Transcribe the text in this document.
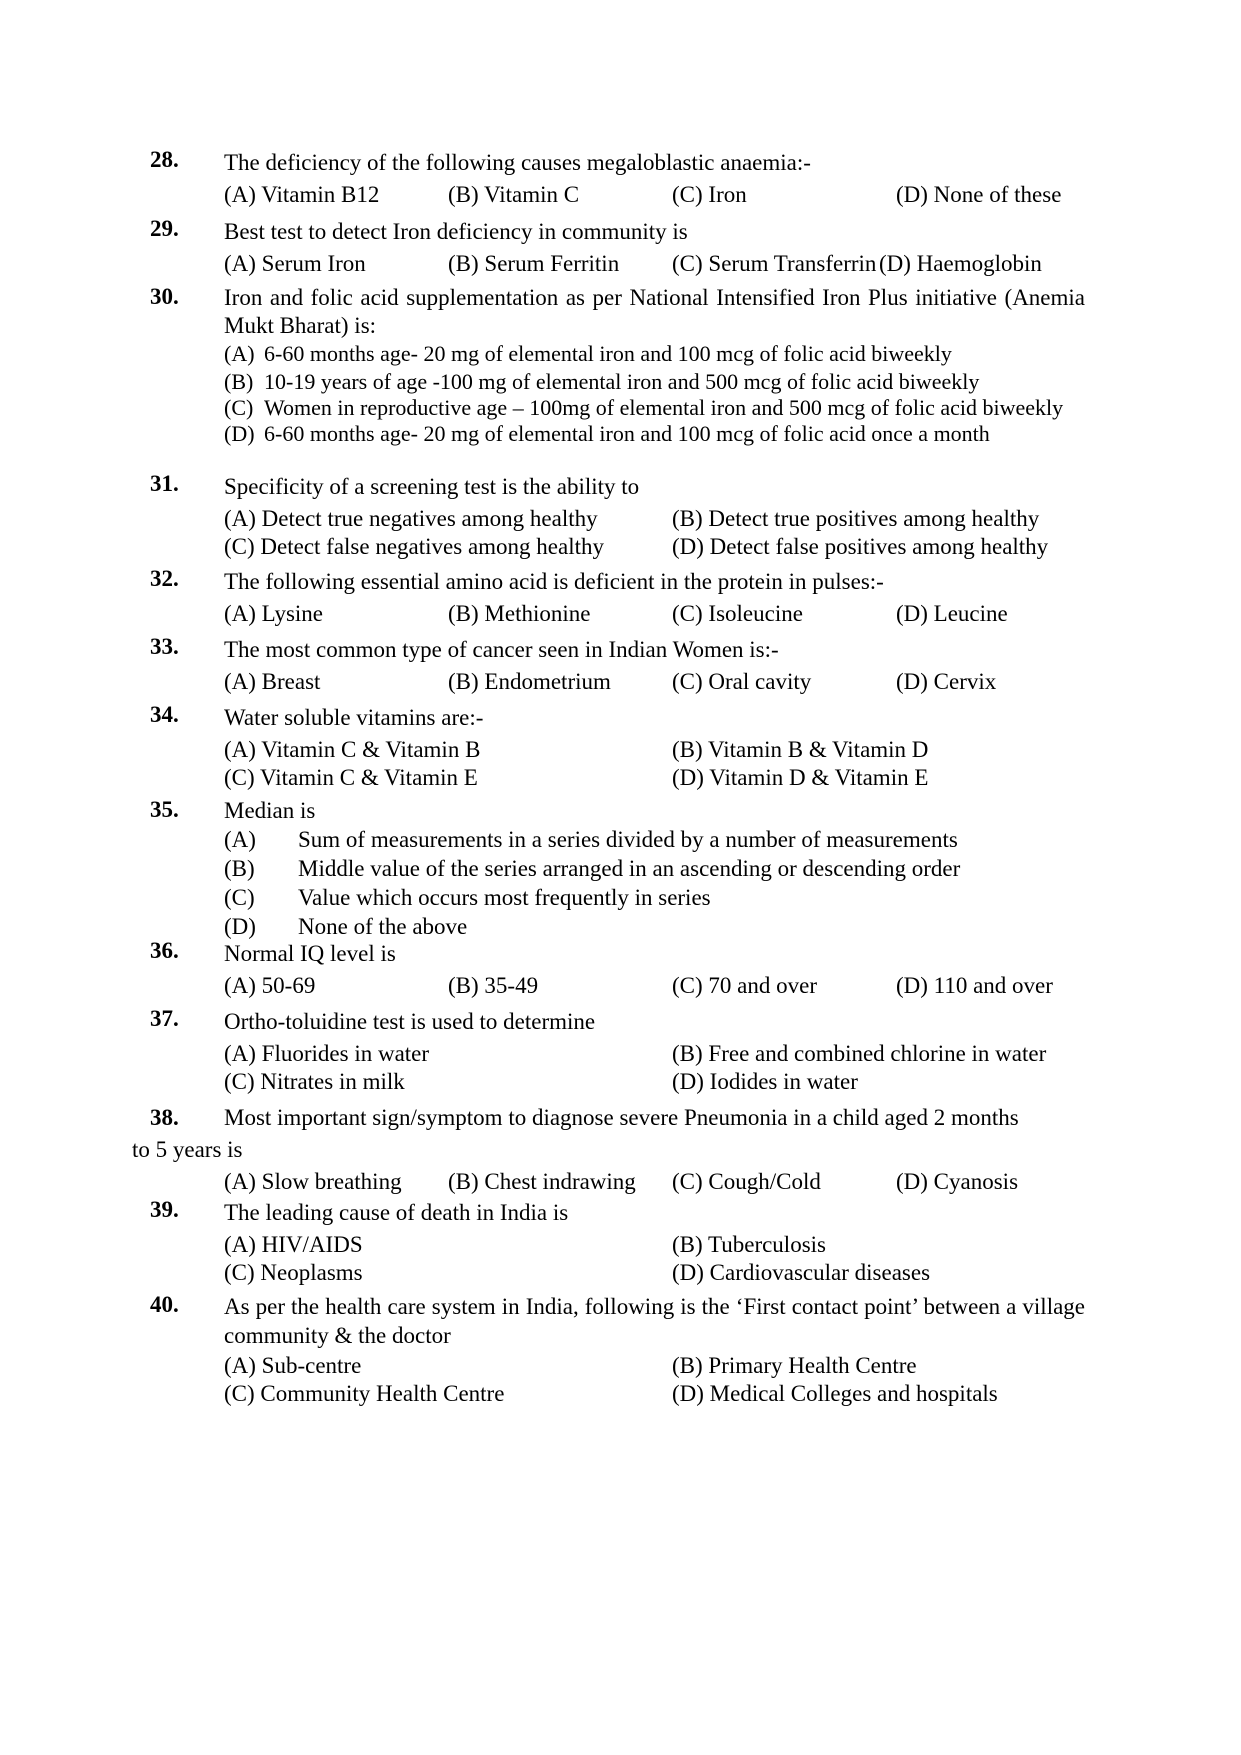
28. The deficiency of the following causes megaloblastic anaemia:-
(A) Vitamin B12	(B) Vitamin C	(C) Iron	(D) None of these
29. Best test to detect Iron deficiency in community is
(A) Serum Iron	(B) Serum Ferritin (C) Serum Transferrin (D) Haemoglobin
30. Iron and folic acid supplementation as per National Intensified Iron Plus initiative (Anemia Mukt Bharat) is:
(A) 6-60 months age- 20 mg of elemental iron and 100 mcg of folic acid biweekly
(B) 10-19 years of age -100 mg of elemental iron and 500 mcg of folic acid biweekly
(C) Women in reproductive age – 100mg of elemental iron and 500 mcg of folic acid biweekly
(D) 6-60 months age- 20 mg of elemental iron and 100 mcg of folic acid once a month
31. Specificity of a screening test is the ability to
(A) Detect true negatives among healthy	(B) Detect true positives among healthy
(C) Detect false negatives among healthy	(D) Detect false positives among healthy
32. The following essential amino acid is deficient in the protein in pulses:-
(A) Lysine	(B) Methionine	(C) Isoleucine	(D) Leucine
33. The most common type of cancer seen in Indian Women is:-
(A) Breast	(B) Endometrium	(C) Oral cavity	(D) Cervix
34. Water soluble vitamins are:-
(A) Vitamin C & Vitamin B	(B) Vitamin B & Vitamin D
(C) Vitamin C & Vitamin E	(D) Vitamin D & Vitamin E
35. Median is
(A)	Sum of measurements in a series divided by a number of measurements
(B)	Middle value of the series arranged in an ascending or descending order
(C)	Value which occurs most frequently in series
(D)	None of the above
36. Normal IQ level is
(A) 50-69	(B) 35-49	(C) 70 and over	(D) 110 and over
37. Ortho-toluidine test is used to determine
(A) Fluorides in water	(B) Free and combined chlorine in water
(C) Nitrates in milk	(D) Iodides in water
38. Most important sign/symptom to diagnose severe Pneumonia in a child aged 2 months
to 5 years is
(A) Slow breathing (B) Chest indrawing (C) Cough/Cold	(D) Cyanosis
39. The leading cause of death in India is
(A) HIV/AIDS	(B) Tuberculosis
(C) Neoplasms	(D) Cardiovascular diseases
40. As per the health care system in India, following is the ‘First contact point’ between a village community & the doctor
(A) Sub-centre	(B) Primary Health Centre
(C) Community Health Centre	(D) Medical Colleges and hospitals
